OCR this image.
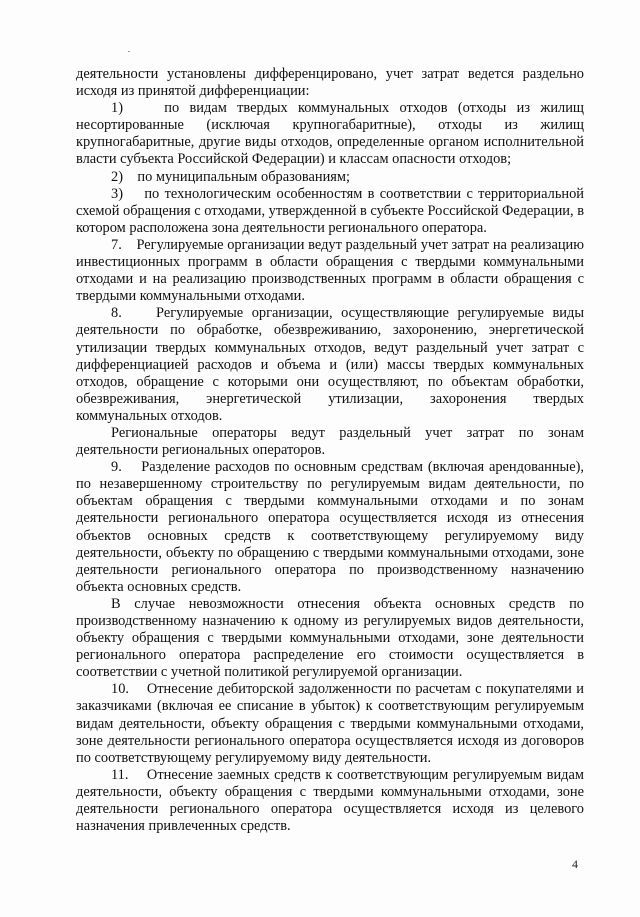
деятельности установлены дифференцировано, учет затрат ведется раздельно исходя из принятой дифференциации:

1)    по видам твердых коммунальных отходов (отходы из жилищ несортированные (исключая крупногабаритные), отходы из жилищ крупногабаритные, другие виды отходов, определенные органом исполнительной власти субъекта Российской Федерации) и классам опасности отходов;

2)    по муниципальным образованиям;

3)    по технологическим особенностям в соответствии с территориальной схемой обращения с отходами, утвержденной в субъекте Российской Федерации, в котором расположена зона деятельности регионального оператора.

7.    Регулируемые организации ведут раздельный учет затрат на реализацию инвестиционных программ в области обращения с твердыми коммунальными отходами и на реализацию производственных программ в области обращения с твердыми коммунальными отходами.

8.    Регулируемые организации, осуществляющие регулируемые виды деятельности по обработке, обезвреживанию, захоронению, энергетической утилизации твердых коммунальных отходов, ведут раздельный учет затрат с дифференциацией расходов и объема и (или) массы твердых коммунальных отходов, обращение с которыми они осуществляют, по объектам обработки, обезвреживания, энергетической утилизации, захоронения твердых коммунальных отходов.

Региональные операторы ведут раздельный учет затрат по зонам деятельности региональных операторов.

9.    Разделение расходов по основным средствам (включая арендованные), по незавершенному строительству по регулируемым видам деятельности, по объектам обращения с твердыми коммунальными отходами и по зонам деятельности регионального оператора осуществляется исходя из отнесения объектов основных средств к соответствующему регулируемому виду деятельности, объекту по обращению с твердыми коммунальными отходами, зоне деятельности регионального оператора по производственному назначению объекта основных средств.

В случае невозможности отнесения объекта основных средств по производственному назначению к одному из регулируемых видов деятельности, объекту обращения с твердыми коммунальными отходами, зоне деятельности регионального оператора распределение его стоимости осуществляется в соответствии с учетной политикой регулируемой организации.

10.    Отнесение дебиторской задолженности по расчетам с покупателями и заказчиками (включая ее списание в убыток) к соответствующим регулируемым видам деятельности, объекту обращения с твердыми коммунальными отходами, зоне деятельности регионального оператора осуществляется исходя из договоров по соответствующему регулируемому виду деятельности.

11.    Отнесение заемных средств к соответствующим регулируемым видам деятельности, объекту обращения с твердыми коммунальными отходами, зоне деятельности регионального оператора осуществляется исходя из целевого назначения привлеченных средств.

4
